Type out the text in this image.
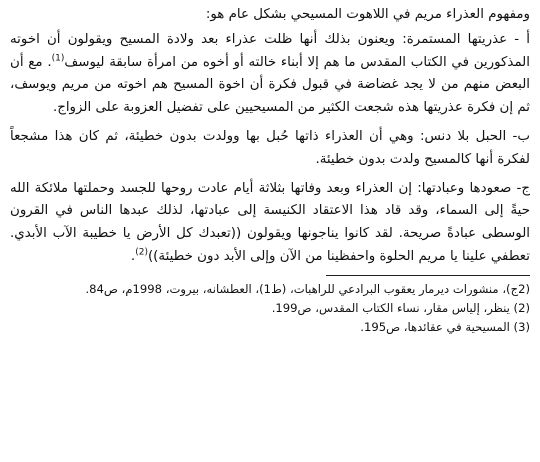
ومفهوم العذراء مريم في اللاهوت المسيحي بشكل عام هو:

أ - عذريتها المستمرة: ويعنون بذلك أنها ظلت عذراء بعد ولادة المسيح ويقولون أن اخوته المذكورين في الكتاب المقدس ما هم إلا أبناء خالته أو أخوه من امرأة سابقة ليوسف$^{(1)}$. مع أن البعض منهم من لا يجد غضاضة في قبول فكرة أن اخوة المسيح هم اخوته من مريم ويوسف، ثم إن فكرة عذريتها هذه شجعت الكثير من المسيحيين على تفضيل العزوبة على الزواج.

ب- الحبل بلا دنس: وهي أن العذراء ذاتها حُبل بها وولدت بدون خطيئة، ثم كان هذا مشجعاً لفكرة أنها كالمسيح ولدت بدون خطيئة.

ج- صعودها وعبادتها: إن العذراء وبعد وفاتها بثلاثة أيام عادت روحها للجسد وحملتها ملائكة الله حيةً إلى السماء، وقد قاد هذا الاعتقاد الكنيسة إلى عبادتها، لذلك عبدها الناس في القرون الوسطى عبادةً صريحة. لقد كانوا يناجونها ويقولون ((تعبدك كل الأرض يا خطيبة الآب الأبدي. تعطفي علينا يا مريم الحلوة واحفظينا من الآن وإلى الأبد دون خطيئة))$^{(2)}$.

(2ج)، منشورات ديرمار يعقوب البرادعي للراهبات، (ط1)، العطشانه، بيروت، 1998م، ص84.

(2) ينظر، إلياس مقار، نساء الكتاب المقدس، ص199.

(3) المسيحية في عقائدها، ص195.
